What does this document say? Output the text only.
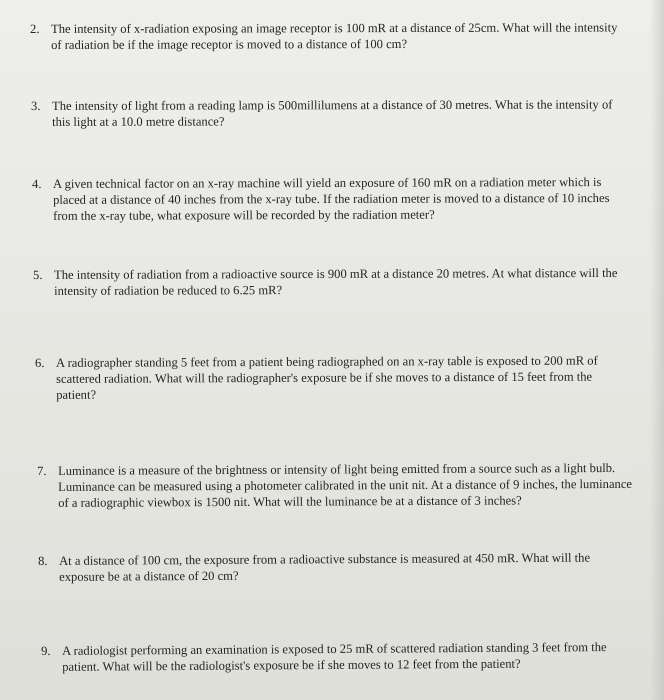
2. The intensity of x-radiation exposing an image receptor is 100 mR at a distance of 25cm. What will the intensity of radiation be if the image receptor is moved to a distance of 100 cm?
3. The intensity of light from a reading lamp is 500millilumens at a distance of 30 metres. What is the intensity of this light at a 10.0 metre distance?
4. A given technical factor on an x-ray machine will yield an exposure of 160 mR on a radiation meter which is placed at a distance of 40 inches from the x-ray tube. If the radiation meter is moved to a distance of 10 inches from the x-ray tube, what exposure will be recorded by the radiation meter?
5. The intensity of radiation from a radioactive source is 900 mR at a distance 20 metres. At what distance will the intensity of radiation be reduced to 6.25 mR?
6. A radiographer standing 5 feet from a patient being radiographed on an x-ray table is exposed to 200 mR of scattered radiation. What will the radiographer's exposure be if she moves to a distance of 15 feet from the patient?
7. Luminance is a measure of the brightness or intensity of light being emitted from a source such as a light bulb. Luminance can be measured using a photometer calibrated in the unit nit. At a distance of 9 inches, the luminance of a radiographic viewbox is 1500 nit. What will the luminance be at a distance of 3 inches?
8. At a distance of 100 cm, the exposure from a radioactive substance is measured at 450 mR. What will the exposure be at a distance of 20 cm?
9. A radiologist performing an examination is exposed to 25 mR of scattered radiation standing 3 feet from the patient. What will be the radiologist's exposure be if she moves to 12 feet from the patient?
